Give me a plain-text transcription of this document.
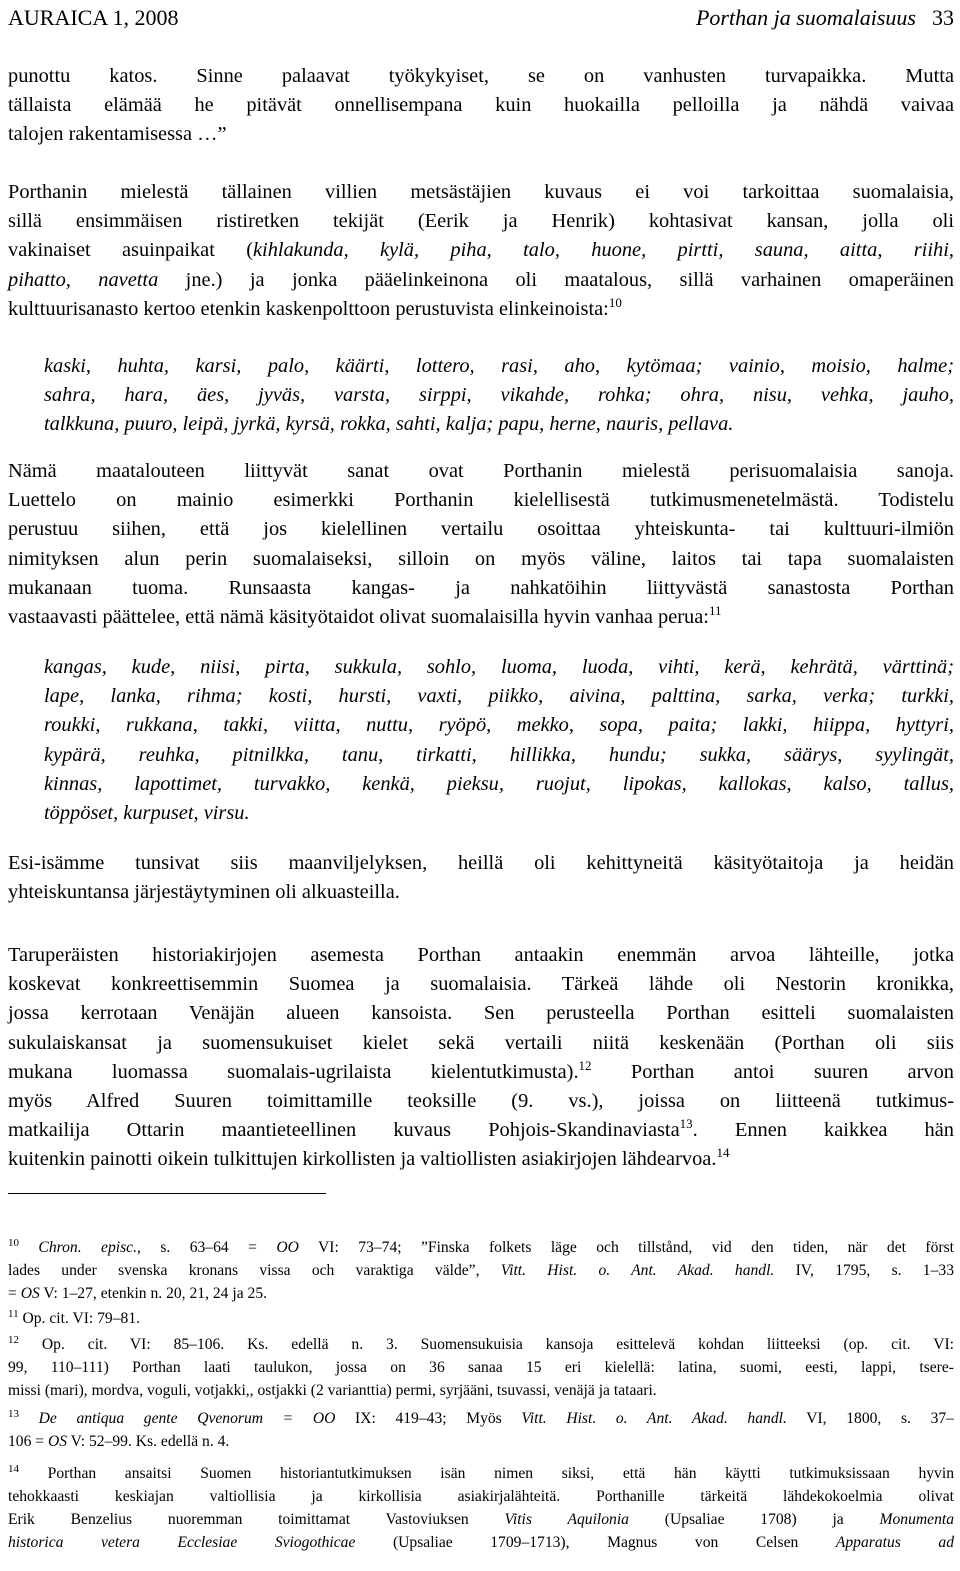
AURAICA 1, 2008	Porthan ja suomalaisuus 33
punottu katos. Sinne palaavat työkykyiset, se on vanhusten turvapaikka. Mutta
tällaista elämää he pitävät onnellisempana kuin huokailla pelloilla ja nähdä vaivaa
talojen rakentamisessa …”
Porthanin mielestä tällainen villien metsästäjien kuvaus ei voi tarkoittaa suomalaisia,
sillä ensimmäisen ristiretken tekijät (Eerik ja Henrik) kohtasivat kansan, jolla oli
vakinaiset asuinpaikat (kihlakunda, kylä, piha, talo, huone, pirtti, sauna, aitta, riihi,
pihatto, navetta jne.) ja jonka pääelinkeinona oli maatalous, sillä varhainen omaperäinen
kulttuurisanasto kertoo etenkin kaskenpolttoon perustuvista elinkeinoista:$^{10}$
kaski, huhta, karsi, palo, käärti, lottero, rasi, aho, kytömaa; vainio, moisio, halme;
sahra, hara, äes, jyväs, varsta, sirppi, vikahde, rohka; ohra, nisu, vehka, jauho,
talkkuna, puuro, leipä, jyrkä, kyrsä, rokka, sahti, kalja; papu, herne, nauris, pellava.
Nämä maatalouteen liittyvät sanat ovat Porthanin mielestä perisuomalaisia sanoja.
Luettelo on mainio esimerkki Porthanin kielellisestä tutkimusmenetelmästä. Todistelu
perustuu siihen, että jos kielellinen vertailu osoittaa yhteiskunta- tai kulttuuri-ilmiön
nimityksen alun perin suomalaiseksi, silloin on myös väline, laitos tai tapa suomalaisten
mukanaan tuoma. Runsaasta kangas- ja nahkatöihin liittyvästä sanastosta Porthan
vastaavasti päättelee, että nämä käsityötaidot olivat suomalaisilla hyvin vanhaa perua:$^{11}$
kangas, kude, niisi, pirta, sukkula, sohlo, luoma, luoda, vihti, kerä, kehrätä, värttinä;
lape, lanka, rihma; kosti, hursti, vaxti, piikko, aivina, palttina, sarka, verka; turkki,
roukki, rukkana, takki, viitta, nuttu, ryöpö, mekko, sopa, paita; lakki, hiippa, hyttyri,
kypärä, reuhka, pitnilkka, tanu, tirkatti, hillikka, hundu; sukka, säärys, syylingät,
kinnas, lapottimet, turvakko, kenkä, pieksu, ruojut, lipokas, kallokas, kalso, tallus,
töppöset, kurpuset, virsu.
Esi-isämme tunsivat siis maanviljelyksen, heillä oli kehittyneitä käsityötaitoja ja heidän
yhteiskuntansa järjestäytyminen oli alkuasteilla.
Taruperäisten historiakirjojen asemesta Porthan antaakin enemmän arvoa lähteille, jotka
koskevat konkreettisemmin Suomea ja suomalaisia. Tärkeä lähde oli Nestorin kronikka,
jossa kerrotaan Venäjän alueen kansoista. Sen perusteella Porthan esitteli suomalaisten
sukulaiskansat ja suomensukuiset kielet sekä vertaili niitä keskenään (Porthan oli siis
mukana luomassa suomalais-ugrilaista kielentutkimusta).$^{12}$ Porthan antoi suuren arvon
myös Alfred Suuren toimittamille teoksille (9. vs.), joissa on liitteenä tutkimus-
matkailija Ottarin maantieteellinen kuvaus Pohjois-Skandinaviasta$^{13}$. Ennen kaikkea hän
kuitenkin painotti oikein tulkittujen kirkollisten ja valtiollisten asiakirjojen lähdearvoa.$^{14}$
$^{10}$ Chron. episc., s. 63–64 = OO VI: 73–74; ”Finska folkets läge och tillstånd, vid den tiden, när det först
lades under svenska kronans vissa och varaktiga välde”, Vitt. Hist. o. Ant. Akad. handl. IV, 1795, s. 1–33
= OS V: 1–27, etenkin n. 20, 21, 24 ja 25.
$^{11}$ Op. cit. VI: 79–81.
$^{12}$ Op. cit. VI: 85–106. Ks. edellä n. 3. Suomensukuisia kansoja esittelevä kohdan liitteeksi (op. cit. VI:
99, 110–111) Porthan laati taulukon, jossa on 36 sanaa 15 eri kielellä: latina, suomi, eesti, lappi, tsere-
missi (mari), mordva, voguli, votjakki,, ostjakki (2 varianttia) permi, syrjääni, tsuvassi, venäjä ja tataari.
$^{13}$ De antiqua gente Qvenorum = OO IX: 419–43; Myös Vitt. Hist. o. Ant. Akad. handl. VI, 1800, s. 37–
106 = OS V: 52–99. Ks. edellä n. 4.
$^{14}$ Porthan ansaitsi Suomen historiantutkimuksen isän nimen siksi, että hän käytti tutkimuksissaan hyvin
tehokkaasti keskiajan valtiollisia ja kirkollisia asiakirjalähteitä. Porthanille tärkeitä lähdekokoelmia olivat
Erik Benzelius nuoremman toimittamat Vastoviuksen Vitis Aquilonia (Upsaliae 1708) ja Monumenta
historica vetera Ecclesiae Sviogothicae (Upsaliae 1709–1713), Magnus von Celsen Apparatus ad
